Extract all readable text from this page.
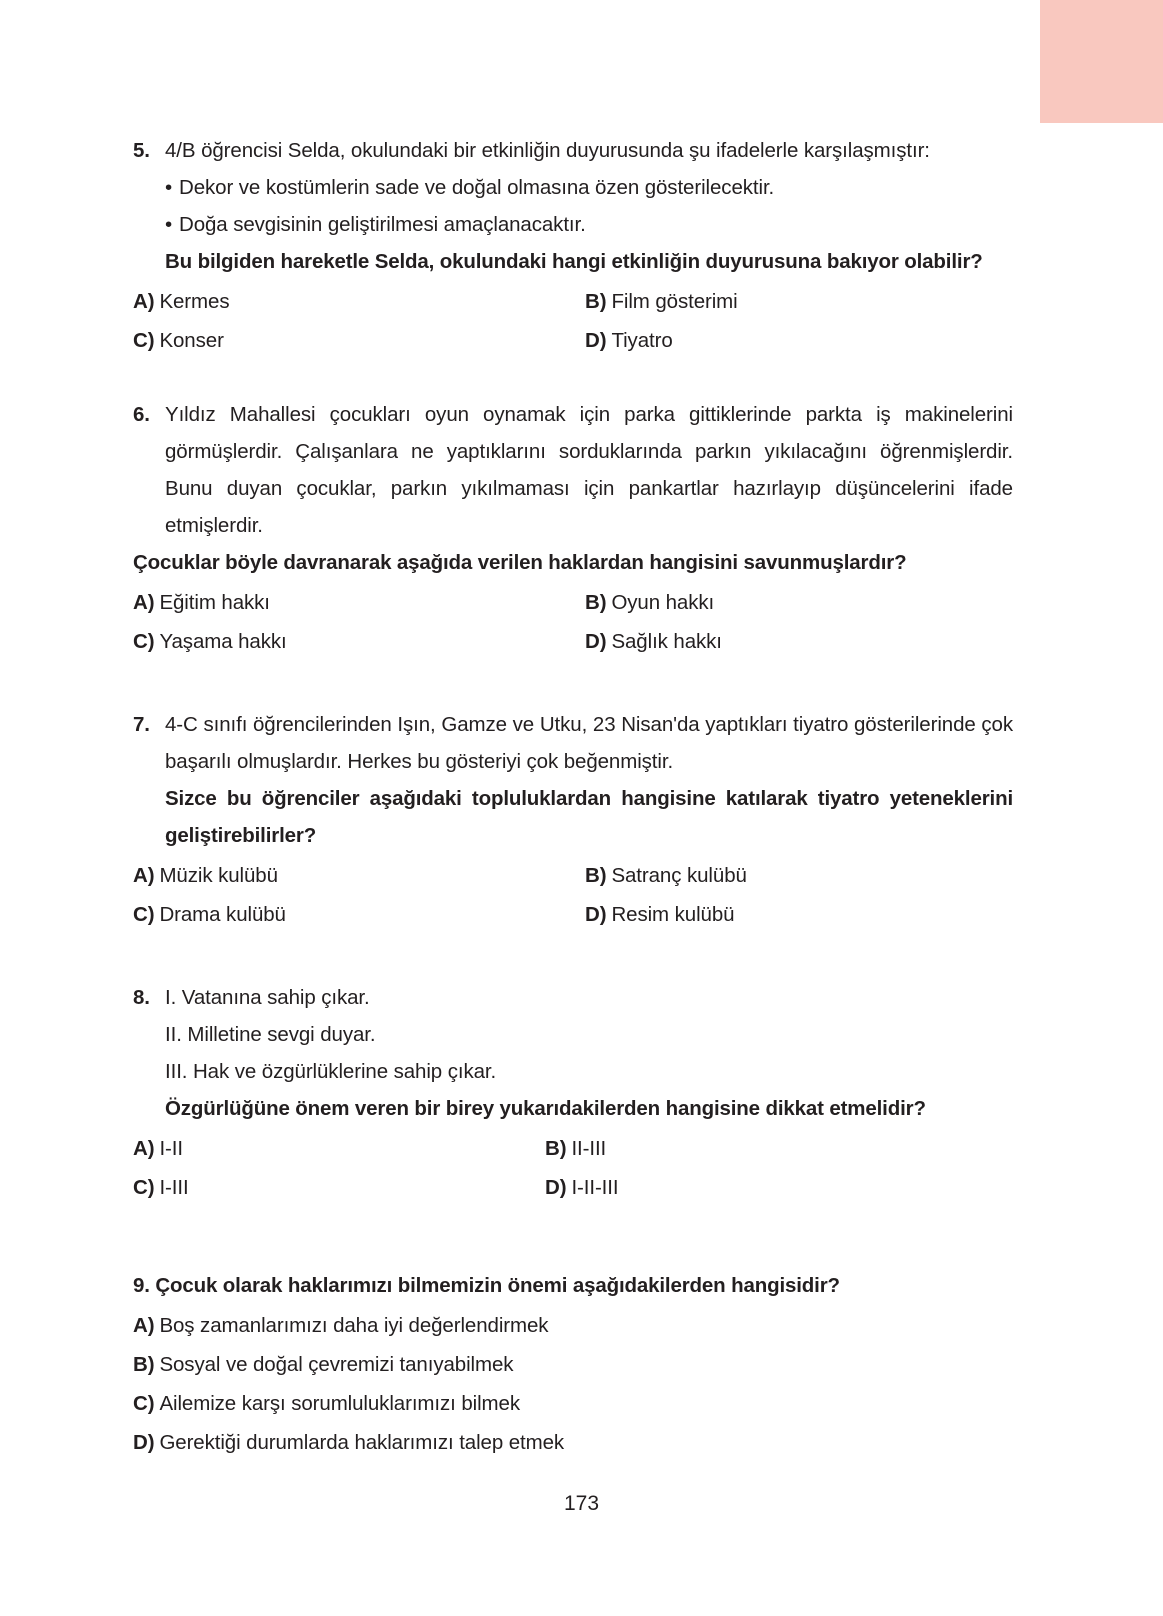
5. 4/B öğrencisi Selda, okulundaki bir etkinliğin duyurusunda şu ifadelerle karşılaşmıştır:
• Dekor ve kostümlerin sade ve doğal olmasına özen gösterilecektir.
• Doğa sevgisinin geliştirilmesi amaçlanacaktır.
Bu bilgiden hareketle Selda, okulundaki hangi etkinliğin duyurusuna bakıyor olabilir?
A) Kermes	B) Film gösterimi
C) Konser	D) Tiyatro
6. Yıldız Mahallesi çocukları oyun oynamak için parka gittiklerinde parkta iş makinelerini görmüşlerdir. Çalışanlara ne yaptıklarını sorduklarında parkın yıkılacağını öğrenmişlerdir. Bunu duyan çocuklar, parkın yıkılmaması için pankartlar hazırlayıp düşüncelerini ifade etmişlerdir.
Çocuklar böyle davranarak aşağıda verilen haklardan hangisini savunmuşlardır?
A) Eğitim hakkı	B) Oyun hakkı
C) Yaşama hakkı	D) Sağlık hakkı
7. 4-C sınıfı öğrencilerinden Işın, Gamze ve Utku, 23 Nisan'da yaptıkları tiyatro gösterilerinde çok başarılı olmuşlardır. Herkes bu gösteriyi çok beğenmiştir.
Sizce bu öğrenciler aşağıdaki topluluklardan hangisine katılarak tiyatro yeteneklerini geliştirebilirler?
A) Müzik kulübü	B) Satranç kulübü
C) Drama kulübü	D) Resim kulübü
8. I. Vatanına sahip çıkar.
II. Milletine sevgi duyar.
III. Hak ve özgürlüklerine sahip çıkar.
Özgürlüğüne önem veren bir birey yukarıdakilerden hangisine dikkat etmelidir?
A) I-II	B) II-III
C) I-III	D) I-II-III
9. Çocuk olarak haklarımızı bilmemizin önemi aşağıdakilerden hangisidir?
A) Boş zamanlarımızı daha iyi değerlendirmek
B) Sosyal ve doğal çevremizi tanıyabilmek
C) Ailemize karşı sorumluluklarımızı bilmek
D) Gerektiği durumlarda haklarımızı talep etmek
173
